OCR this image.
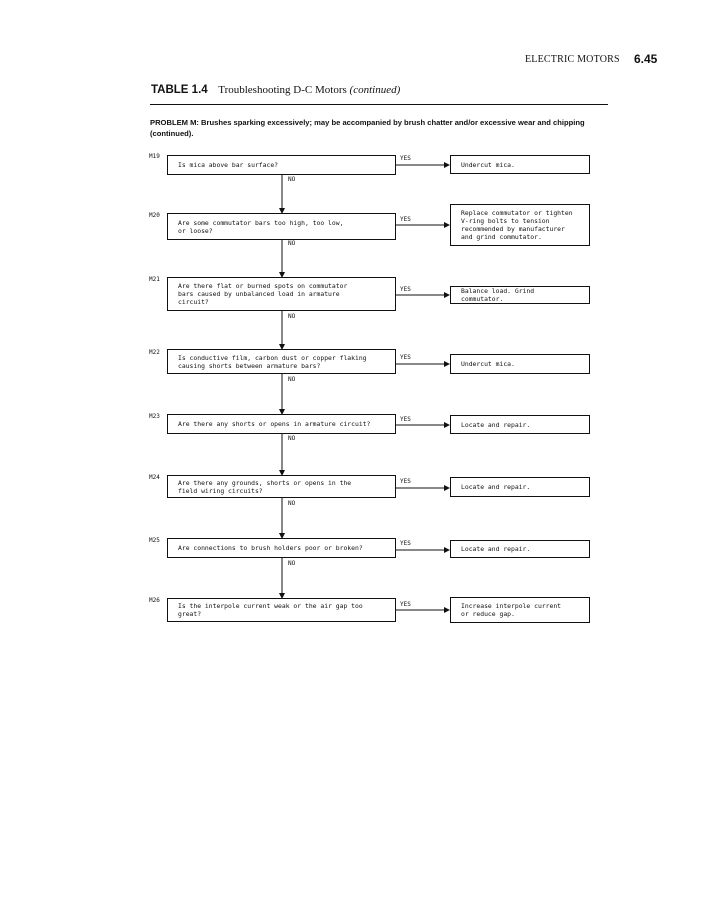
ELECTRIC MOTORS 6.45
TABLE 1.4 Troubleshooting D-C Motors (continued)
PROBLEM M: Brushes sparking excessively; may be accompanied by brush chatter and/or excessive wear and chipping (continued).
M19
M20
M21
M22
M23
M24
M25
M26
Is mica above bar surface?
Are some commutator bars too high, too low,
or loose?
Are there flat or burned spots on commutator
bars caused by unbalanced load in armature
circuit?
Is conductive film, carbon dust or copper flaking
causing shorts between armature bars?
Are there any shorts or opens in armature circuit?
Are there any grounds, shorts or opens in the
field wiring circuits?
Are connections to brush holders poor or broken?
Is the interpole current weak or the air gap too
great?
Undercut mica.
Replace commutator or tighten
V-ring bolts to tension
recommended by manufacturer
and grind commutator.
Balance load. Grind commutator.
Undercut mica.
Locate and repair.
Locate and repair.
Locate and repair.
Increase interpole current
or reduce gap.
YES
YES
YES
YES
YES
YES
YES
YES
NO
NO
NO
NO
NO
NO
NO
